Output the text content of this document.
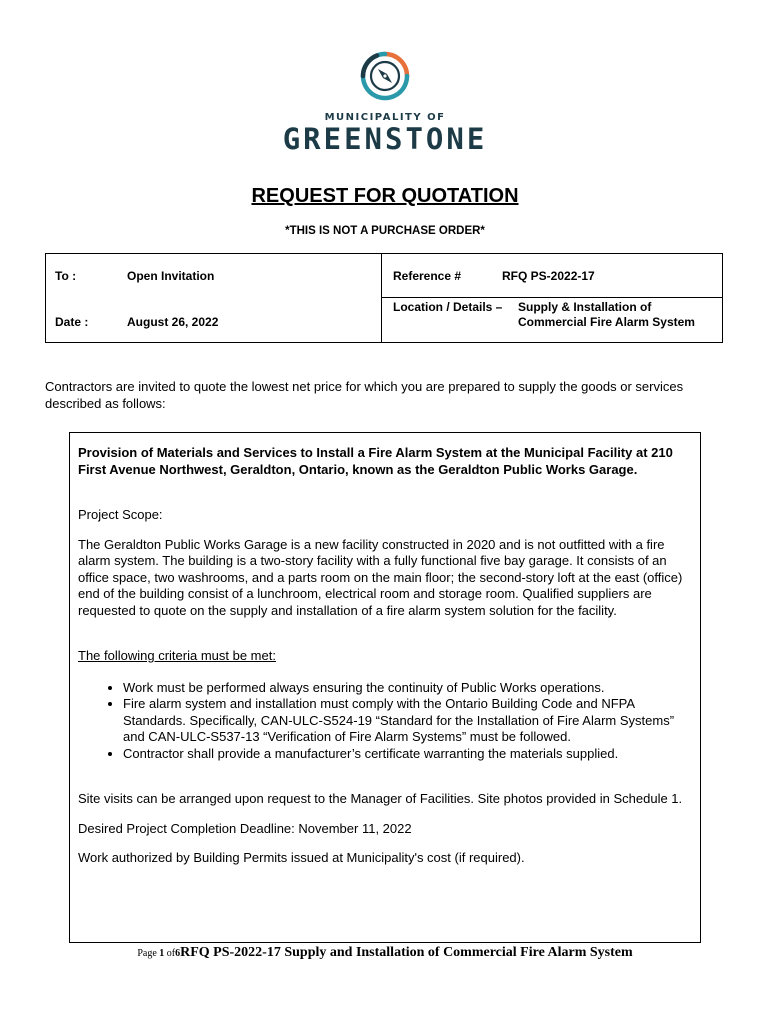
MUNICIPALITY OF
GREENSTONE
REQUEST FOR QUOTATION
*THIS IS NOT A PURCHASE ORDER*
To :	Open Invitation
Date :	August 26, 2022
Reference #	RFQ PS-2022-17
Location / Details – Supply & Installation of
Commercial Fire Alarm System
Contractors are invited to quote the lowest net price for which you are prepared to supply the goods or services described as follows:

Provision of Materials and Services to Install a Fire Alarm System at the Municipal Facility at 210 First Avenue Northwest, Geraldton, Ontario, known as the Geraldton Public Works Garage.

Project Scope:

The Geraldton Public Works Garage is a new facility constructed in 2020 and is not outfitted with a fire alarm system. The building is a two-story facility with a fully functional five bay garage. It consists of an office space, two washrooms, and a parts room on the main floor; the second-story loft at the east (office) end of the building consist of a lunchroom, electrical room and storage room. Qualified suppliers are requested to quote on the supply and installation of a fire alarm system solution for the facility.

The following criteria must be met:

• Work must be performed always ensuring the continuity of Public Works operations.
• Fire alarm system and installation must comply with the Ontario Building Code and NFPA Standards. Specifically, CAN-ULC-S524-19 “Standard for the Installation of Fire Alarm Systems” and CAN-ULC-S537-13 “Verification of Fire Alarm Systems” must be followed.
• Contractor shall provide a manufacturer’s certificate warranting the materials supplied.

Site visits can be arranged upon request to the Manager of Facilities. Site photos provided in Schedule 1.

Desired Project Completion Deadline: November 11, 2022

Work authorized by Building Permits issued at Municipality's cost (if required).

Page 1 of6RFQ PS-2022-17 Supply and Installation of Commercial Fire Alarm System
